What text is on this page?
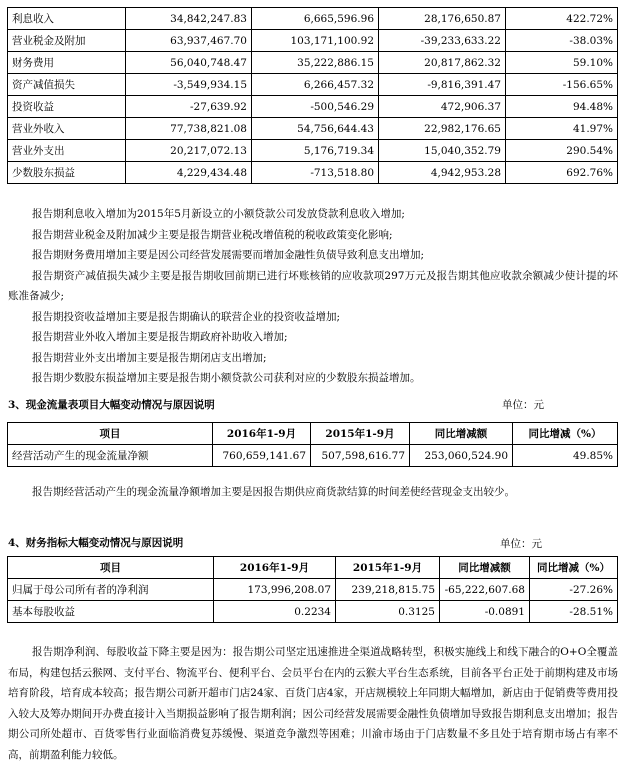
利息收入	34,842,247.83	6,665,596.96	28,176,650.87	422.72%
营业税金及附加	63,937,467.70	103,171,100.92	-39,233,633.22	-38.03%
财务费用	56,040,748.47	35,222,886.15	20,817,862.32	59.10%
资产减值损失	-3,549,934.15	6,266,457.32	-9,816,391.47	-156.65%
投资收益	-27,639.92	-500,546.29	472,906.37	94.48%
营业外收入	77,738,821.08	54,756,644.43	22,982,176.65	41.97%
营业外支出	20,217,072.13	5,176,719.34	15,040,352.79	290.54%
少数股东损益	4,229,434.48	-713,518.80	4,942,953.28	692.76%

报告期利息收入增加为2015年5月新设立的小额贷款公司发放贷款利息收入增加;

报告期营业税金及附加减少主要是报告期营业税改增值税的税收政策变化影响;

报告期财务费用增加主要是因公司经营发展需要而增加金融性负债导致利息支出增加;

报告期资产减值损失减少主要是报告期收回前期已进行坏账核销的应收款项297万元及报告期其他应收款余额减少使计提的坏账准备减少;

报告期投资收益增加主要是报告期确认的联营企业的投资收益增加;

报告期营业外收入增加主要是报告期政府补助收入增加;

报告期营业外支出增加主要是报告期闭店支出增加;

报告期少数股东损益增加主要是报告期小额贷款公司获利对应的少数股东损益增加。

3、现金流量表项目大幅变动情况与原因说明	单位：元
项目	2016年1-9月	2015年1-9月	同比增减额	同比增减（%）
经营活动产生的现金流量净额	760,659,141.67	507,598,616.77	253,060,524.90	49.85%

报告期经营活动产生的现金流量净额增加主要是因报告期供应商货款结算的时间差使经营现金支出较少。

4、财务指标大幅变动情况与原因说明	单位：元
项目	2016年1-9月	2015年1-9月	同比增减额	同比增减（%）
归属于母公司所有者的净利润	173,996,208.07	239,218,815.75	-65,222,607.68	-27.26%
基本每股收益	0.2234	0.3125	-0.0891	-28.51%

报告期净利润、每股收益下降主要是因为：报告期公司坚定迅速推进全渠道战略转型，积极实施线上和线下融合的O+O全覆盖布局，构建包括云猴网、支付平台、物流平台、便利平台、会员平台在内的云猴大平台生态系统，目前各平台正处于前期构建及市场培育阶段，培育成本较高；报告期公司新开超市门店24家、百货门店4家，开店规模较上年同期大幅增加，新店由于促销费等费用投入较大及筹办期间开办费直接计入当期损益影响了报告期利润；因公司经营发展需要金融性负债增加导致报告期利息支出增加；报告期公司所处超市、百货零售行业面临消费复苏缓慢、渠道竞争激烈等困难；川渝市场由于门店数量不多且处于培育期市场占有率不高，前期盈利能力较低。
